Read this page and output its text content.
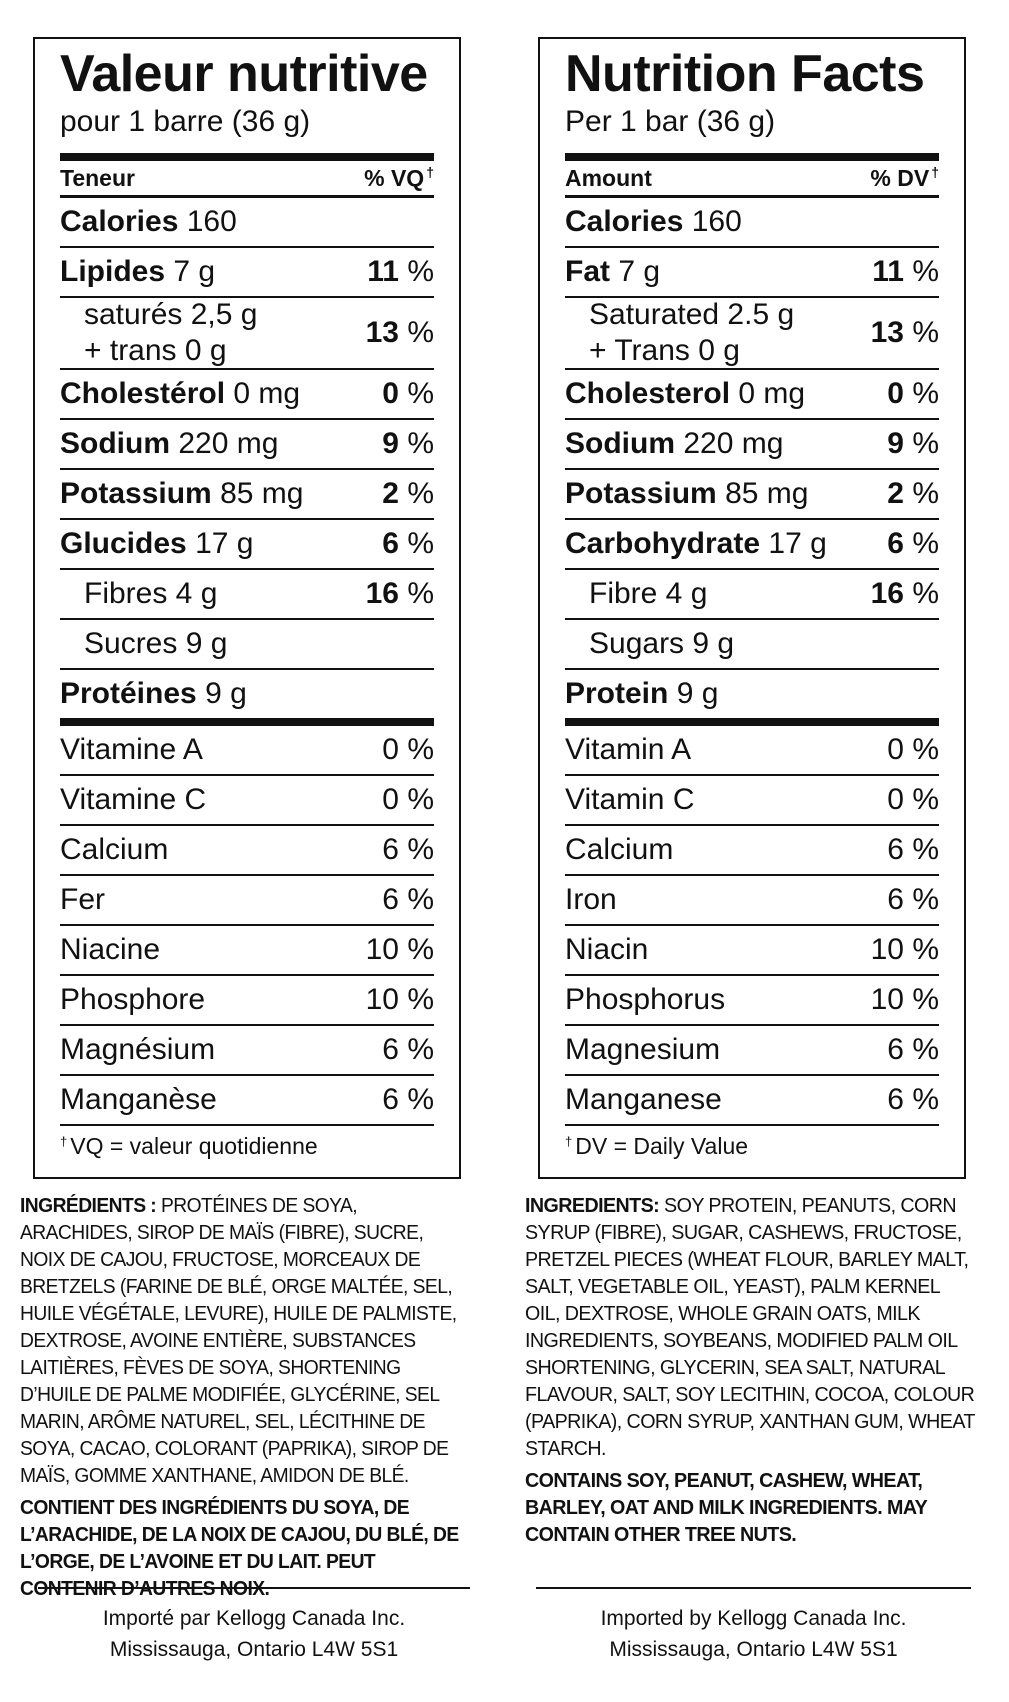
Valeur nutritive
pour 1 barre (36 g)
Teneur	% VQ †
Calories 160
Lipides 7 g	11 %
saturés 2,5 g
+ trans 0 g
13 %
Cholestérol 0 mg	0 %
Sodium 220 mg	9 %
Potassium 85 mg	2 %
Glucides 17 g	6 %
Fibres 4 g	16 %
Sucres 9 g
Protéines 9 g
Vitamine A	0 %
Vitamine C	0 %
Calcium	6 %
Fer	6 %
Niacine	10 %
Phosphore	10 %
Magnésium	6 %
Manganèse	6 %
† VQ = valeur quotidienne
Nutrition Facts
Per 1 bar (36 g)
Amount	% DV †
Calories 160
Fat 7 g	11 %
Saturated 2.5 g
+ Trans 0 g
13 %
Cholesterol 0 mg	0 %
Sodium 220 mg	9 %
Potassium 85 mg	2 %
Carbohydrate 17 g 6 %
Fibre 4 g	16 %
Sugars 9 g
Protein 9 g
Vitamin A	0 %
Vitamin C	0 %
Calcium	6 %
Iron	6 %
Niacin	10 %
Phosphorus	10 %
Magnesium	6 %
Manganese	6 %
† DV = Daily Value
INGRÉDIENTS : PROTÉINES DE SOYA, ARACHIDES, SIROP DE MAÏS (FIBRE), SUCRE, NOIX DE CAJOU, FRUCTOSE, MORCEAUX DE BRETZELS (FARINE DE BLÉ, ORGE MALTÉE, SEL, HUILE VÉGÉTALE, LEVURE), HUILE DE PALMISTE, DEXTROSE, AVOINE ENTIÈRE, SUBSTANCES LAITIÈRES, FÈVES DE SOYA, SHORTENING D’HUILE DE PALME MODIFIÉE, GLYCÉRINE, SEL MARIN, ARÔME NATUREL, SEL, LÉCITHINE DE SOYA, CACAO, COLORANT (PAPRIKA), SIROP DE MAÏS, GOMME XANTHANE, AMIDON DE BLÉ.
CONTIENT DES INGRÉDIENTS DU SOYA, DE L’ARACHIDE, DE LA NOIX DE CAJOU, DU BLÉ, DE L’ORGE, DE L’AVOINE ET DU LAIT. PEUT CONTENIR D’AUTRES NOIX.
INGREDIENTS: SOY PROTEIN, PEANUTS, CORN SYRUP (FIBRE), SUGAR, CASHEWS, FRUCTOSE, PRETZEL PIECES (WHEAT FLOUR, BARLEY MALT, SALT, VEGETABLE OIL, YEAST), PALM KERNEL OIL, DEXTROSE, WHOLE GRAIN OATS, MILK INGREDIENTS, SOYBEANS, MODIFIED PALM OIL SHORTENING, GLYCERIN, SEA SALT, NATURAL FLAVOUR, SALT, SOY LECITHIN, COCOA, COLOUR (PAPRIKA), CORN SYRUP, XANTHAN GUM, WHEAT STARCH.
CONTAINS SOY, PEANUT, CASHEW, WHEAT, BARLEY, OAT AND MILK INGREDIENTS. MAY CONTAIN OTHER TREE NUTS.
Importé par Kellogg Canada Inc.
Mississauga, Ontario L4W 5S1
Imported by Kellogg Canada Inc.
Mississauga, Ontario L4W 5S1
